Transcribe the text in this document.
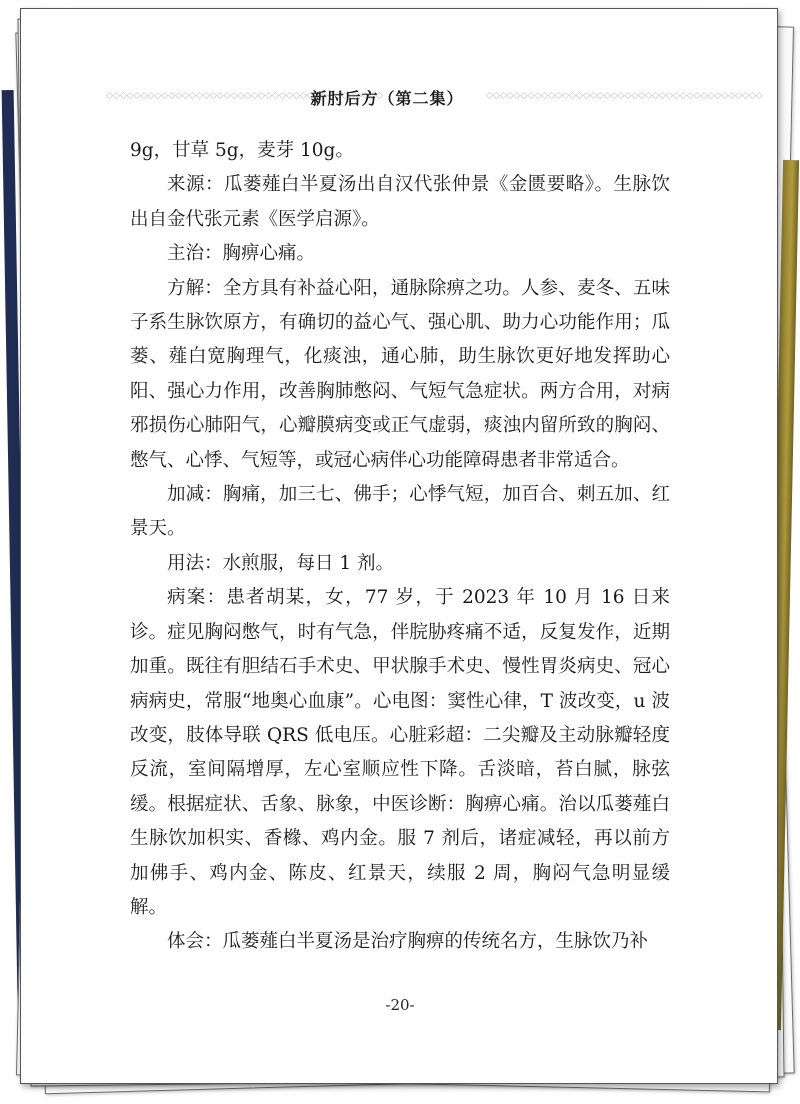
◇◇◇◇◇◇◇◇◇◇◇◇◇◇◇◇◇◇◇◇◇◇◇◇◇◇◇◇◇◇◇◇◇◇◇◇◇◇◇◇
新肘后方（第二集）	◇◇◇◇◇◇◇◇◇◇◇◇◇◇◇◇◇◇◇◇◇◇◇◇◇◇◇◇◇◇◇◇◇◇◇◇◇◇◇◇

9g，甘草 5g，麦芽 10g。

来源：瓜蒌薤白半夏汤出自汉代张仲景《金匮要略》。生脉饮出自金代张元素《医学启源》。

主治：胸痹心痛。

方解：全方具有补益心阳，通脉除痹之功。人参、麦冬、五味子系生脉饮原方，有确切的益心气、强心肌、助力心功能作用；瓜蒌、薤白宽胸理气，化痰浊，通心肺，助生脉饮更好地发挥助心阳、强心力作用，改善胸肺憋闷、气短气急症状。两方合用，对病邪损伤心肺阳气，心瓣膜病变或正气虚弱，痰浊内留所致的胸闷、憋气、心悸、气短等，或冠心病伴心功能障碍患者非常适合。

加减：胸痛，加三七、佛手；心悸气短，加百合、刺五加、红景天。

用法：水煎服，每日 1 剂。

病案：患者胡某，女，77 岁，于 2023 年 10 月 16 日来诊。症见胸闷憋气，时有气急，伴脘胁疼痛不适，反复发作，近期加重。既往有胆结石手术史、甲状腺手术史、慢性胃炎病史、冠心病病史，常服“地奥心血康”。心电图：窦性心律，T 波改变，u 波改变，肢体导联 QRS 低电压。心脏彩超：二尖瓣及主动脉瓣轻度反流，室间隔增厚，左心室顺应性下降。舌淡暗，苔白腻，脉弦缓。根据症状、舌象、脉象，中医诊断：胸痹心痛。治以瓜蒌薤白生脉饮加枳实、香橼、鸡内金。服 7 剂后，诸症减轻，再以前方加佛手、鸡内金、陈皮、红景天，续服 2 周，胸闷气急明显缓解。

体会：瓜蒌薤白半夏汤是治疗胸痹的传统名方，生脉饮乃补

-20-
